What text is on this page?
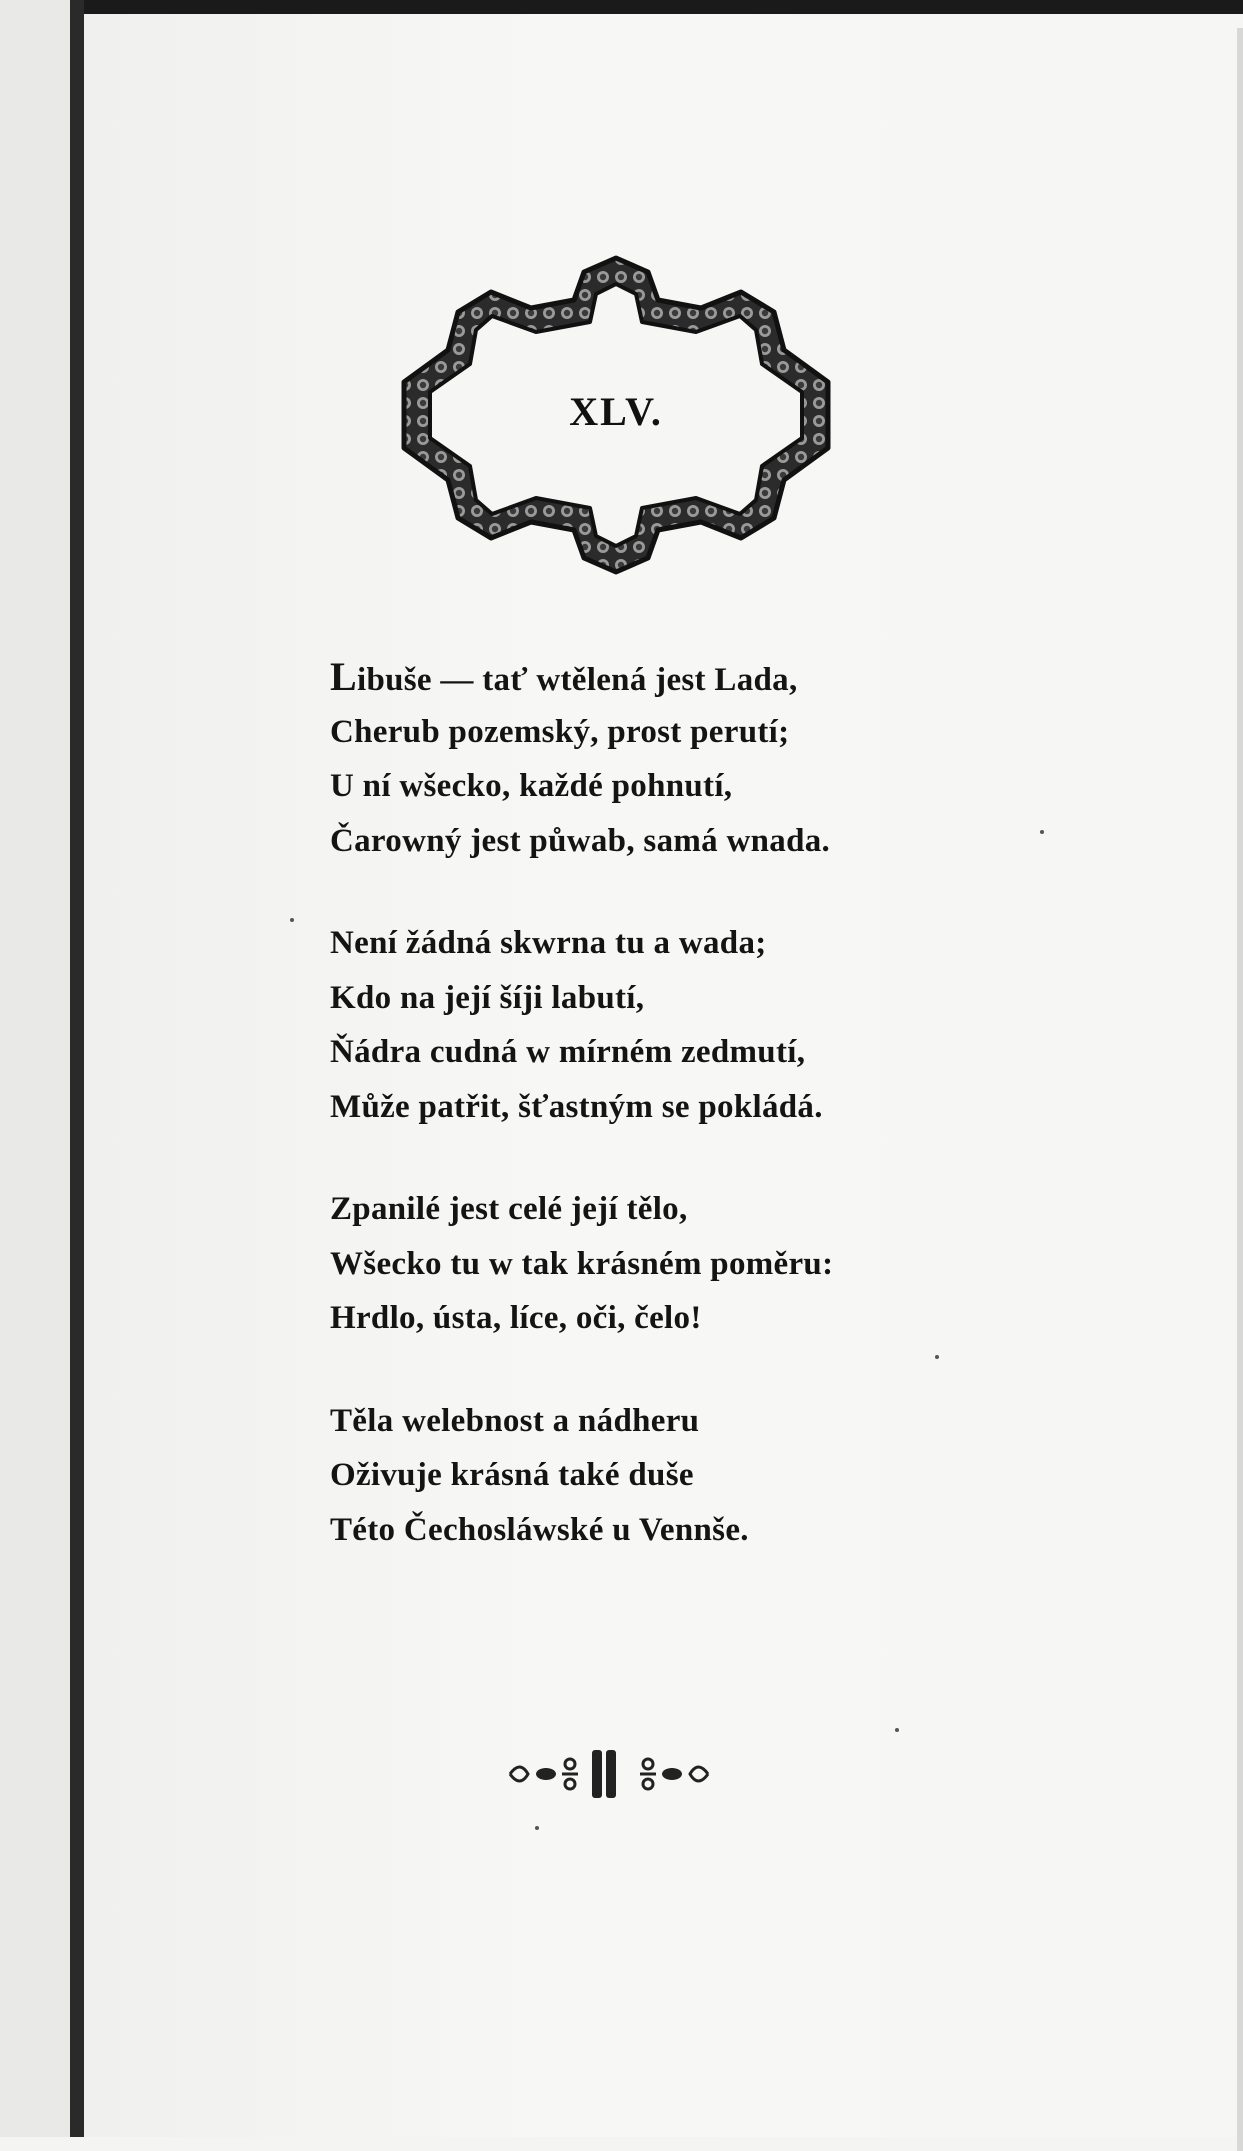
XLV.
Libuše — tať wtělená jest Lada,
Cherub pozemský, prost perutí;
U ní wšecko, každé pohnutí,
Čarowný jest půwab, samá wnada.
Není žádná skwrna tu a wada;
Kdo na její šíji labutí,
Ňádra cudná w mírném zedmutí,
Může patřit, šťastným se pokládá.
Zpanilé jest celé její tělo,
Wšecko tu w tak krásném poměru:
Hrdlo, ústa, líce, oči, čelo!
Těla welebnost a nádheru
Oživuje krásná také duše
Této Čechosláwské u Vennše.
